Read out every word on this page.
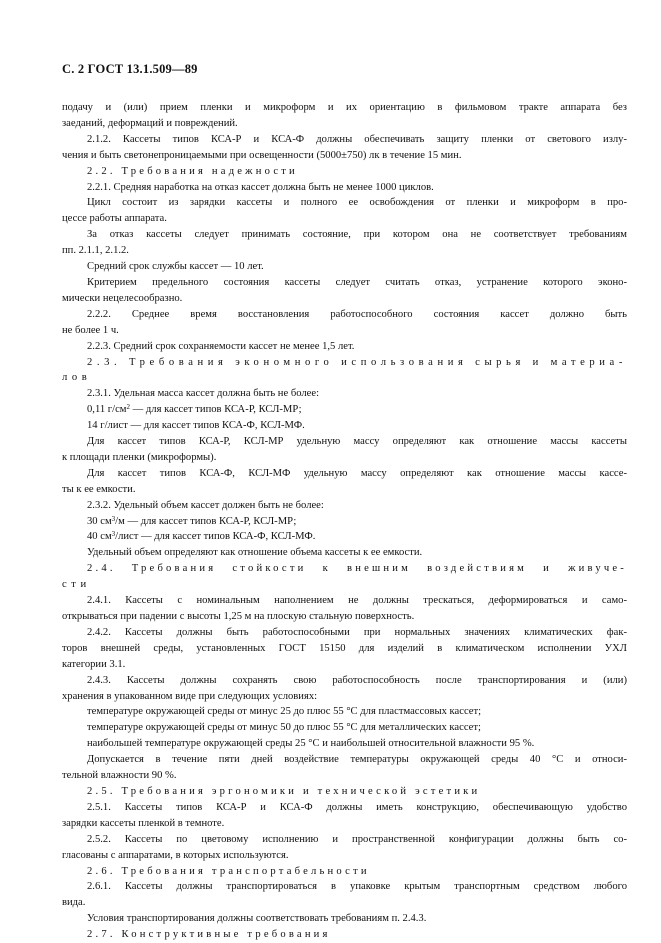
С. 2 ГОСТ 13.1.509—89
подачу и (или) прием пленки и микроформ и их ориентацию в фильмовом тракте аппарата без
заеданий, деформаций и повреждений.
2.1.2. Кассеты типов КСА-Р и КСА-Ф должны обеспечивать защиту пленки от светового излу-
чения и быть светонепроницаемыми при освещенности (5000±750) лк в течение 15 мин.
2.2. Требования надежности
2.2.1. Средняя наработка на отказ кассет должна быть не менее 1000 циклов.
Цикл состоит из зарядки кассеты и полного ее освобождения от пленки и микроформ в про-
цессе работы аппарата.
За отказ кассеты следует принимать состояние, при котором она не соответствует требованиям
пп. 2.1.1, 2.1.2.
Средний срок службы кассет — 10 лет.
Критерием предельного состояния кассеты следует считать отказ, устранение которого эконо-
мически нецелесообразно.
2.2.2. Среднее время восстановления работоспособного состояния кассет должно быть
не более 1 ч.
2.2.3. Средний срок сохраняемости кассет не менее 1,5 лет.
2.3. Требования экономного использования сырья и материа-
лов
2.3.1. Удельная масса кассет должна быть не более:
0,11 $г/см^2$ — для кассет типов КСА-Р, КСЛ-МР;
14 г/лист — для кассет типов КСА-Ф, КСЛ-МФ.
Для кассет типов КСА-Р, КСЛ-МР удельную массу определяют как отношение массы кассеты
к площади пленки (микроформы).
Для кассет типов КСА-Ф, КСЛ-МФ удельную массу определяют как отношение массы кассе-
ты к ее емкости.
2.3.2. Удельный объем кассет должен быть не более:
30 $см^3/м$ — для кассет типов КСА-Р, КСЛ-МР;
40 $см^3$/лист — для кассет типов КСА-Ф, КСЛ-МФ.
Удельный объем определяют как отношение объема кассеты к ее емкости.
2.4. Требования стойкости к внешним воздействиям и живуче-
сти
2.4.1. Кассеты с номинальным наполнением не должны трескаться, деформироваться и само-
открываться при падении с высоты 1,25 м на плоскую стальную поверхность.
2.4.2. Кассеты должны быть работоспособными при нормальных значениях климатических фак-
торов внешней среды, установленных ГОСТ 15150 для изделий в климатическом исполнении УХЛ
категории 3.1.
2.4.3. Кассеты должны сохранять свою работоспособность после транспортирования и (или)
хранения в упакованном виде при следующих условиях:
температуре окружающей среды от минус 25 до плюс 55 °С для пластмассовых кассет;
температуре окружающей среды от минус 50 до плюс 55 °С для металлических кассет;
наибольшей температуре окружающей среды 25 °С и наибольшей относительной влажности 95 %.
Допускается в течение пяти дней воздействие температуры окружающей среды 40 °С и относи-
тельной влажности 90 %.
2.5. Требования эргономики и технической эстетики
2.5.1. Кассеты типов КСА-Р и КСА-Ф должны иметь конструкцию, обеспечивающую удобство
зарядки кассеты пленкой в темноте.
2.5.2. Кассеты по цветовому исполнению и пространственной конфигурации должны быть со-
гласованы с аппаратами, в которых используются.
2.6. Требования транспортабельности
2.6.1. Кассеты должны транспортироваться в упаковке крытым транспортным средством любого
вида.
Условия транспортирования должны соответствовать требованиям п. 2.4.3.
2.7. Конструктивные требования
